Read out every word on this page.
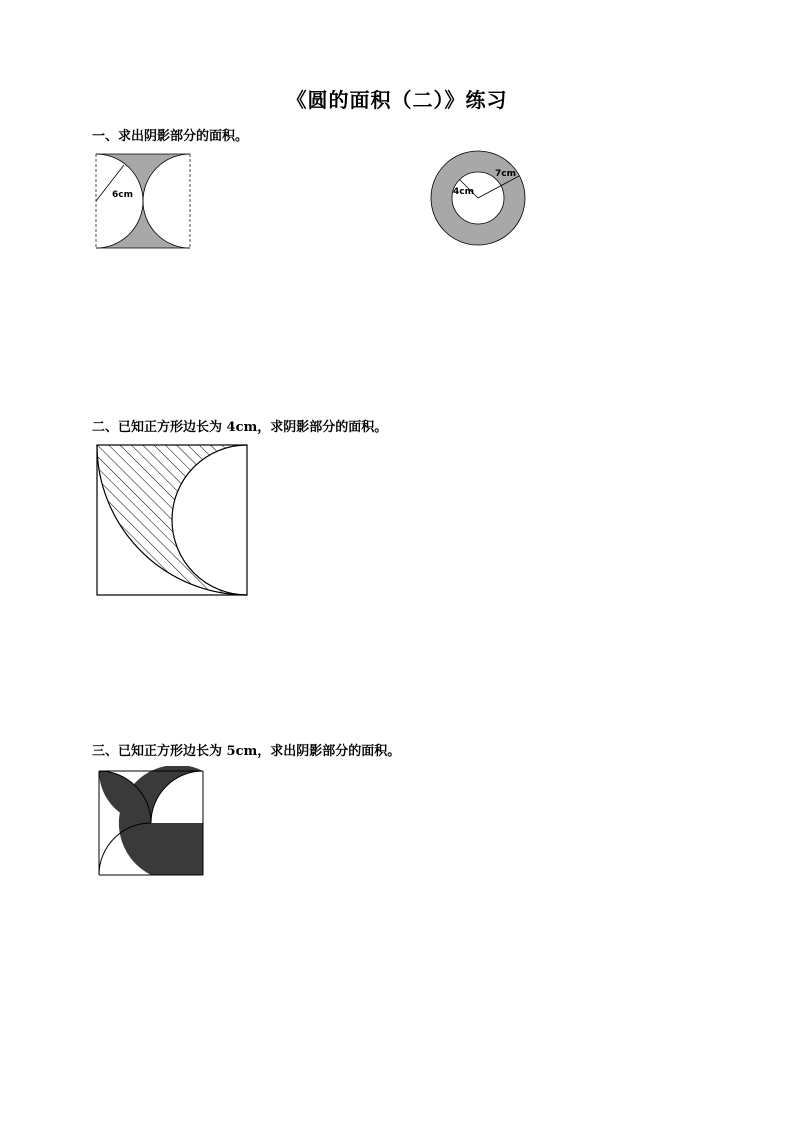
《圆的面积（二）》练习
一、求出阴影部分的面积。
6cm
7cm
4cm
二、已知正方形边长为 4cm，求阴影部分的面积。
三、已知正方形边长为 5cm，求出阴影部分的面积。
